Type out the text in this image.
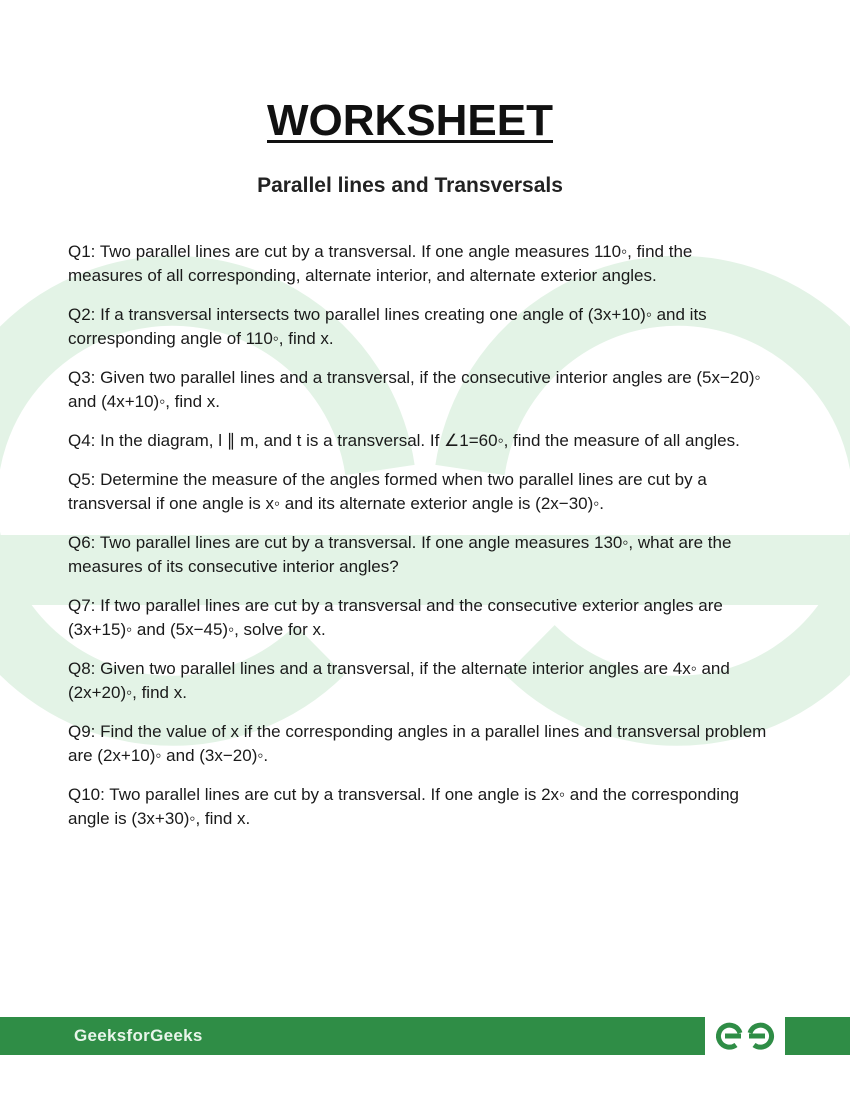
WORKSHEET
Parallel lines and Transversals

Q1: Two parallel lines are cut by a transversal. If one angle measures 110◦, find the measures of all corresponding, alternate interior, and alternate exterior angles.

Q2: If a transversal intersects two parallel lines creating one angle of (3x+10)◦ and its corresponding angle of 110◦, find x.

Q3: Given two parallel lines and a transversal, if the consecutive interior angles are (5x−20)◦ and (4x+10)◦, find x.

Q4: In the diagram, l ∥ m, and t is a transversal. If ∠1=60◦, find the measure of all angles.

Q5: Determine the measure of the angles formed when two parallel lines are cut by a transversal if one angle is x◦ and its alternate exterior angle is (2x−30)◦.

Q6: Two parallel lines are cut by a transversal. If one angle measures 130◦, what are the measures of its consecutive interior angles?

Q7: If two parallel lines are cut by a transversal and the consecutive exterior angles are (3x+15)◦ and (5x−45)◦, solve for x.

Q8: Given two parallel lines and a transversal, if the alternate interior angles are 4x◦ and (2x+20)◦, find x.

Q9: Find the value of x if the corresponding angles in a parallel lines and transversal problem are (2x+10)◦ and (3x−20)◦.

Q10: Two parallel lines are cut by a transversal. If one angle is 2x◦ and the corresponding angle is (3x+30)◦, find x.

GeeksforGeeks
